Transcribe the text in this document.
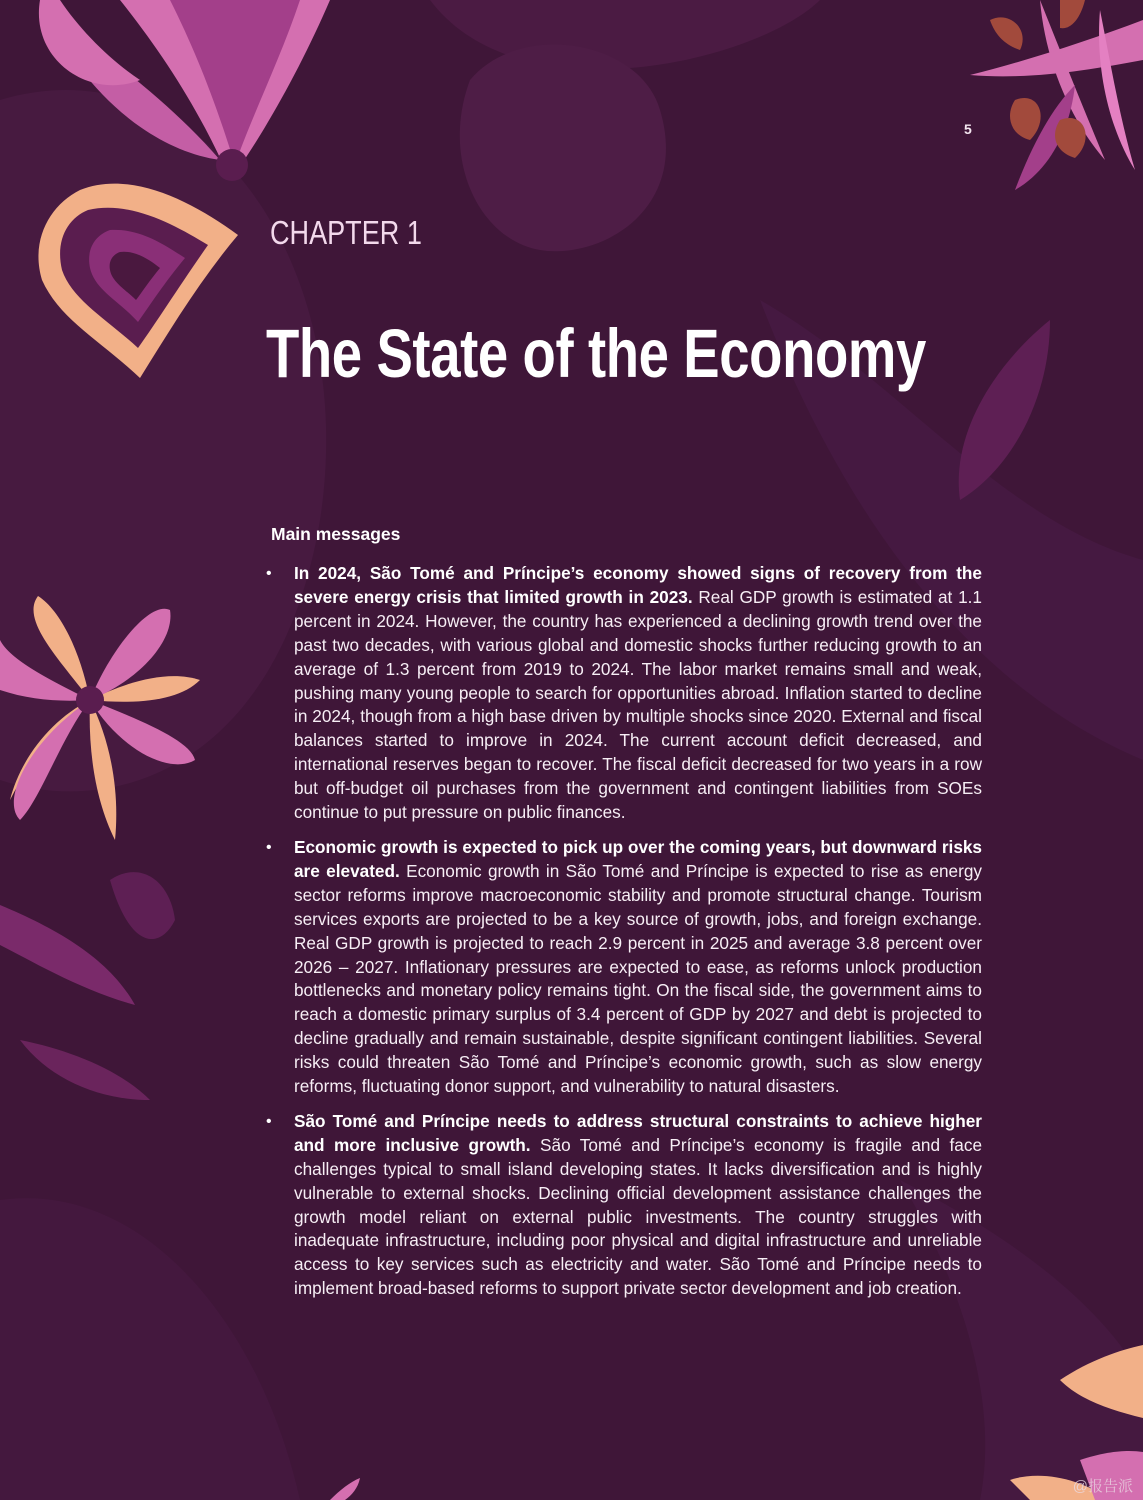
5
CHAPTER 1
The State of the Economy
Main messages
• In 2024, São Tomé and Príncipe’s economy showed signs of recovery from the severe energy crisis that limited growth in 2023. Real GDP growth is estimated at 1.1 percent in 2024. However, the country has experienced a declining growth trend over the past two decades, with various global and domestic shocks further reducing growth to an average of 1.3 percent from 2019 to 2024. The labor market remains small and weak, pushing many young people to search for opportunities abroad. Inflation started to decline in 2024, though from a high base driven by multiple shocks since 2020. External and fiscal balances started to improve in 2024. The current account deficit decreased, and international reserves began to recover. The fiscal deficit decreased for two years in a row but off-budget oil purchases from the government and contingent liabilities from SOEs continue to put pressure on public finances.
• Economic growth is expected to pick up over the coming years, but downward risks are elevated. Economic growth in São Tomé and Príncipe is expected to rise as energy sector reforms improve macroeconomic stability and promote structural change. Tourism services exports are projected to be a key source of growth, jobs, and foreign exchange. Real GDP growth is projected to reach 2.9 percent in 2025 and average 3.8 percent over 2026 – 2027. Inflationary pressures are expected to ease, as reforms unlock production bottlenecks and monetary policy remains tight. On the fiscal side, the government aims to reach a domestic primary surplus of 3.4 percent of GDP by 2027 and debt is projected to decline gradually and remain sustainable, despite significant contingent liabilities. Several risks could threaten São Tomé and Príncipe’s economic growth, such as slow energy reforms, fluctuating donor support, and vulnerability to natural disasters.
• São Tomé and Príncipe needs to address structural constraints to achieve higher and more inclusive growth. São Tomé and Príncipe’s economy is fragile and face challenges typical to small island developing states. It lacks diversification and is highly vulnerable to external shocks. Declining official development assistance challenges the growth model reliant on external public investments. The country struggles with inadequate infrastructure, including poor physical and digital infrastructure and unreliable access to key services such as electricity and water. São Tomé and Príncipe needs to implement broad-based reforms to support private sector development and job creation.
@报告派
